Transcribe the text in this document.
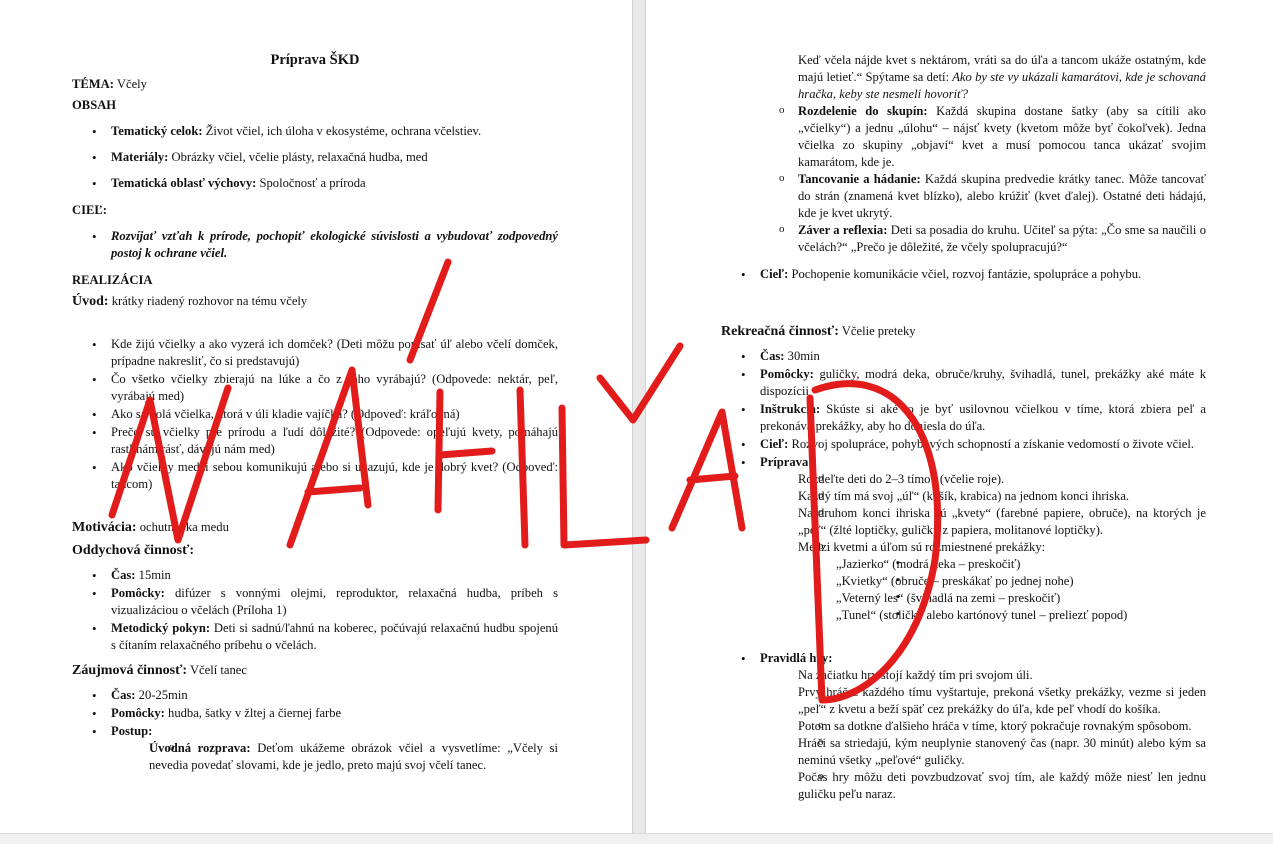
Príprava ŠKD

TÉMA: Včely

OBSAH

• Tematický celok: Život včiel, ich úloha v ekosystéme, ochrana včelstiev.
• Materiály: Obrázky včiel, včelie plásty, relaxačná hudba, med
• Tematická oblasť výchovy: Spoločnosť a príroda

CIEĽ:

• Rozvíjať vzťah k prírode, pochopiť ekologické súvislosti a vybudovať zodpovedný postoj k ochrane včiel.

REALIZÁCIA

Úvod: krátky riadený rozhovor na tému včely

• Kde žijú včielky a ako vyzerá ich domček? (Deti môžu popísať úľ alebo včelí domček, prípadne nakresliť, čo si predstavujú)
• Čo všetko včielky zbierajú na lúke a čo z toho vyrábajú? (Odpovede: nektár, peľ, vyrábajú med)
• Ako sa volá včielka, ktorá v úli kladie vajíčka? (Odpoveď: kráľovná)
• Prečo sú včielky pre prírodu a ľudí dôležité? (Odpovede: opeľujú kvety, pomáhajú rastlinám rásť, dávajú nám med)
• Ako včielky medzi sebou komunikujú alebo si ukazujú, kde je dobrý kvet? (Odpoveď: tancom)

Motivácia: ochutnávka medu

Oddychová činnosť:

• Čas: 15min
• Pomôcky: difúzer s vonnými olejmi, reproduktor, relaxačná hudba, príbeh s vizualizáciou o včelách (Príloha 1)
• Metodický pokyn: Deti si sadnú/ľahnú na koberec, počúvajú relaxačnú hudbu spojenú s čítaním relaxačného príbehu o včelách.

Záujmová činnosť: Včelí tanec

• Čas: 20-25min
• Pomôcky: hudba, šatky v žltej a čiernej farbe
• Postup:
o Úvodná rozprava: Deťom ukážeme obrázok včiel a vysvetlíme: „Včely si nevedia povedať slovami, kde je jedlo, preto majú svoj včelí tanec.

Keď včela nájde kvet s nektárom, vráti sa do úľa a tancom ukáže ostatným, kde majú letieť.“ Spýtame sa detí: Ako by ste vy ukázali kamarátovi, kde je schovaná hračka, keby ste nesmeli hovoriť?

o Rozdelenie do skupín: Každá skupina dostane šatky (aby sa cítili ako „včielky“) a jednu „úlohu“ – nájsť kvety (kvetom môže byť čokoľvek). Jedna včielka zo skupiny „objaví“ kvet a musí pomocou tanca ukázať svojim kamarátom, kde je.
o Tancovanie a hádanie: Každá skupina predvedie krátky tanec. Môže tancovať do strán (znamená kvet blízko), alebo krúžiť (kvet ďalej). Ostatné deti hádajú, kde je kvet ukrytý.
o Záver a reflexia: Deti sa posadia do kruhu. Učiteľ sa pýta: „Čo sme sa naučili o včelách?“ „Prečo je dôležité, že včely spolupracujú?“
• Cieľ: Pochopenie komunikácie včiel, rozvoj fantázie, spolupráce a pohybu.

Rekreačná činnosť: Včelie preteky

• Čas: 30min
• Pomôcky: guličky, modrá deka, obruče/kruhy, švihadlá, tunel, prekážky aké máte k dispozícii
• Inštrukcia: Skúste si aké to je byť usilovnou včielkou v tíme, ktorá zbiera peľ a prekonáva prekážky, aby ho doniesla do úľa.
• Cieľ: Rozvoj spolupráce, pohybových schopností a získanie vedomostí o živote včiel.
• Príprava:
o Rozdeľte deti do 2–3 tímov (včelie roje).
o Každý tím má svoj „úľ“ (košík, krabica) na jednom konci ihriska.
o Na druhom konci ihriska sú „kvety“ (farebné papiere, obruče), na ktorých je „peľ“ (žlté loptičky, guličky z papiera, molitanové loptičky).
o Medzi kvetmi a úľom sú rozmiestnené prekážky:
▪ „Jazierko“ (modrá deka – preskočiť)
▪ „Kvietky“ (obruče – preskákať po jednej nohe)
▪ „Veterný les“ (švihadlá na zemi – preskočiť)
▪ „Tunel“ (stoličky alebo kartónový tunel – preliezť popod)
• Pravidlá hry:
o Na začiatku hry stojí každý tím pri svojom úli.
o Prvý hráč z každého tímu vyštartuje, prekoná všetky prekážky, vezme si jeden „peľ“ z kvetu a beží späť cez prekážky do úľa, kde peľ vhodí do košíka.
o Potom sa dotkne ďalšieho hráča v tíme, ktorý pokračuje rovnakým spôsobom.
o Hráči sa striedajú, kým neuplynie stanovený čas (napr. 30 minút) alebo kým sa neminú všetky „peľové“ guličky.
o Počas hry môžu deti povzbudzovať svoj tím, ale každý môže niesť len jednu guličku peľu naraz.
